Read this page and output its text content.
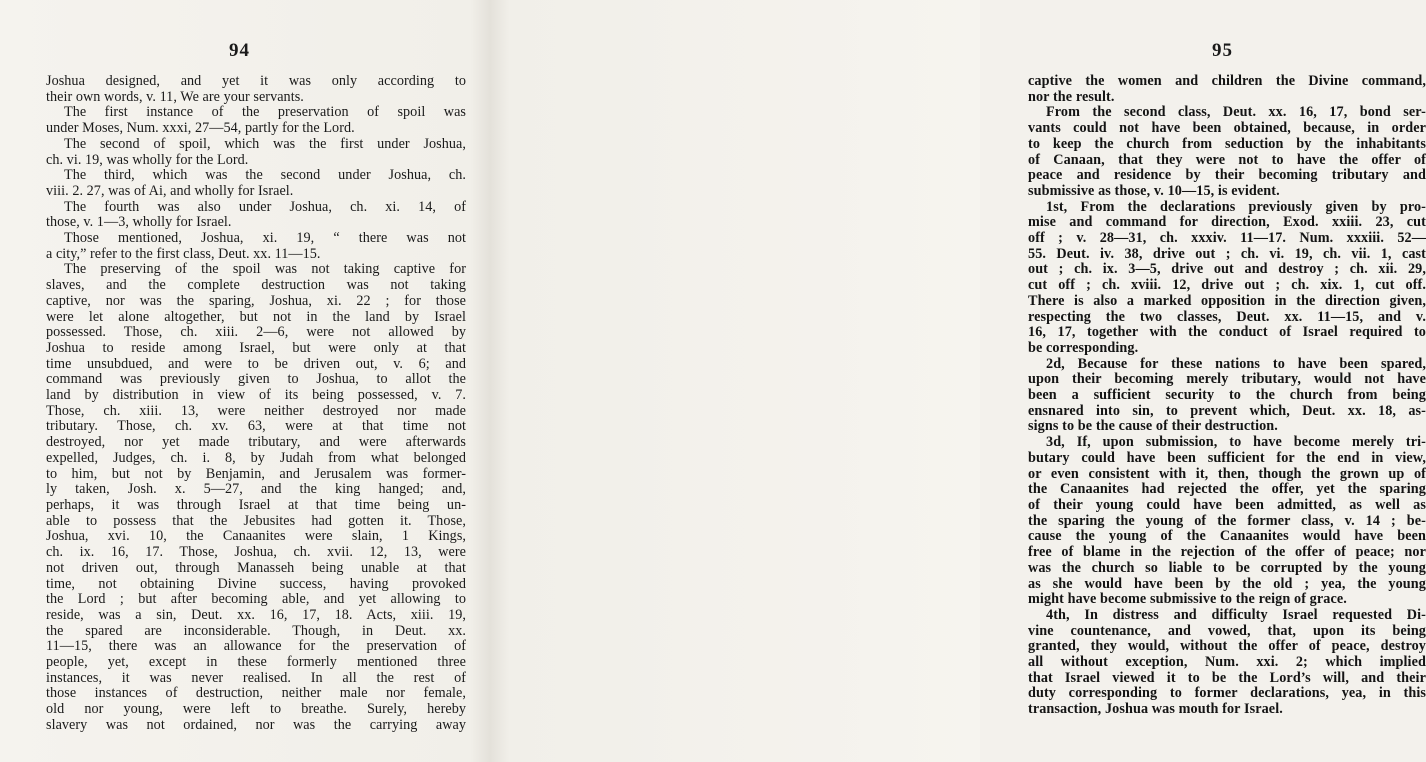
94
Joshua designed, and yet it was only according to
their own words, v. 11, We are your servants.
The first instance of the preservation of spoil was
under Moses, Num. xxxi, 27—54, partly for the Lord.
The second of spoil, which was the first under Joshua,
ch. vi. 19, was wholly for the Lord.
The third, which was the second under Joshua, ch.
viii. 2. 27, was of Ai, and wholly for Israel.
The fourth was also under Joshua, ch. xi. 14, of
those, v. 1—3, wholly for Israel.
Those mentioned, Joshua, xi. 19, “ there was not
a city,” refer to the first class, Deut. xx. 11—15.
The preserving of the spoil was not taking captive for
slaves, and the complete destruction was not taking
captive, nor was the sparing, Joshua, xi. 22 ; for those
were let alone altogether, but not in the land by Israel
possessed. Those, ch. xiii. 2—6, were not allowed by
Joshua to reside among Israel, but were only at that
time unsubdued, and were to be driven out, v. 6; and
command was previously given to Joshua, to allot the
land by distribution in view of its being possessed, v. 7.
Those, ch. xiii. 13, were neither destroyed nor made
tributary. Those, ch. xv. 63, were at that time not
destroyed, nor yet made tributary, and were afterwards
expelled, Judges, ch. i. 8, by Judah from what belonged
to him, but not by Benjamin, and Jerusalem was former-
ly taken, Josh. x. 5—27, and the king hanged; and,
perhaps, it was through Israel at that time being un-
able to possess that the Jebusites had gotten it. Those,
Joshua, xvi. 10, the Canaanites were slain, 1 Kings,
ch. ix. 16, 17. Those, Joshua, ch. xvii. 12, 13, were
not driven out, through Manasseh being unable at that
time, not obtaining Divine success, having provoked
the Lord ; but after becoming able, and yet allowing to
reside, was a sin, Deut. xx. 16, 17, 18. Acts, xiii. 19,
the spared are inconsiderable. Though, in Deut. xx.
11—15, there was an allowance for the preservation of
people, yet, except in these formerly mentioned three
instances, it was never realised. In all the rest of
those instances of destruction, neither male nor female,
old nor young, were left to breathe. Surely, hereby
slavery was not ordained, nor was the carrying away
95
captive the women and children the Divine command,
nor the result.
From the second class, Deut. xx. 16, 17, bond ser-
vants could not have been obtained, because, in order
to keep the church from seduction by the inhabitants
of Canaan, that they were not to have the offer of
peace and residence by their becoming tributary and
submissive as those, v. 10—15, is evident.
1st, From the declarations previously given by pro-
mise and command for direction, Exod. xxiii. 23, cut
off ; v. 28—31, ch. xxxiv. 11—17. Num. xxxiii. 52—
55. Deut. iv. 38, drive out ; ch. vi. 19, ch. vii. 1, cast
out ; ch. ix. 3—5, drive out and destroy ; ch. xii. 29,
cut off ; ch. xviii. 12, drive out ; ch. xix. 1, cut off.
There is also a marked opposition in the direction given,
respecting the two classes, Deut. xx. 11—15, and v.
16, 17, together with the conduct of Israel required to
be corresponding.
2d, Because for these nations to have been spared,
upon their becoming merely tributary, would not have
been a sufficient security to the church from being
ensnared into sin, to prevent which, Deut. xx. 18, as-
signs to be the cause of their destruction.
3d, If, upon submission, to have become merely tri-
butary could have been sufficient for the end in view,
or even consistent with it, then, though the grown up of
the Canaanites had rejected the offer, yet the sparing
of their young could have been admitted, as well as
the sparing the young of the former class, v. 14 ; be-
cause the young of the Canaanites would have been
free of blame in the rejection of the offer of peace; nor
was the church so liable to be corrupted by the young
as she would have been by the old ; yea, the young
might have become submissive to the reign of grace.
4th, In distress and difficulty Israel requested Di-
vine countenance, and vowed, that, upon its being
granted, they would, without the offer of peace, destroy
all without exception, Num. xxi. 2; which implied
that Israel viewed it to be the Lord’s will, and their
duty corresponding to former declarations, yea, in this
transaction, Joshua was mouth for Israel.
